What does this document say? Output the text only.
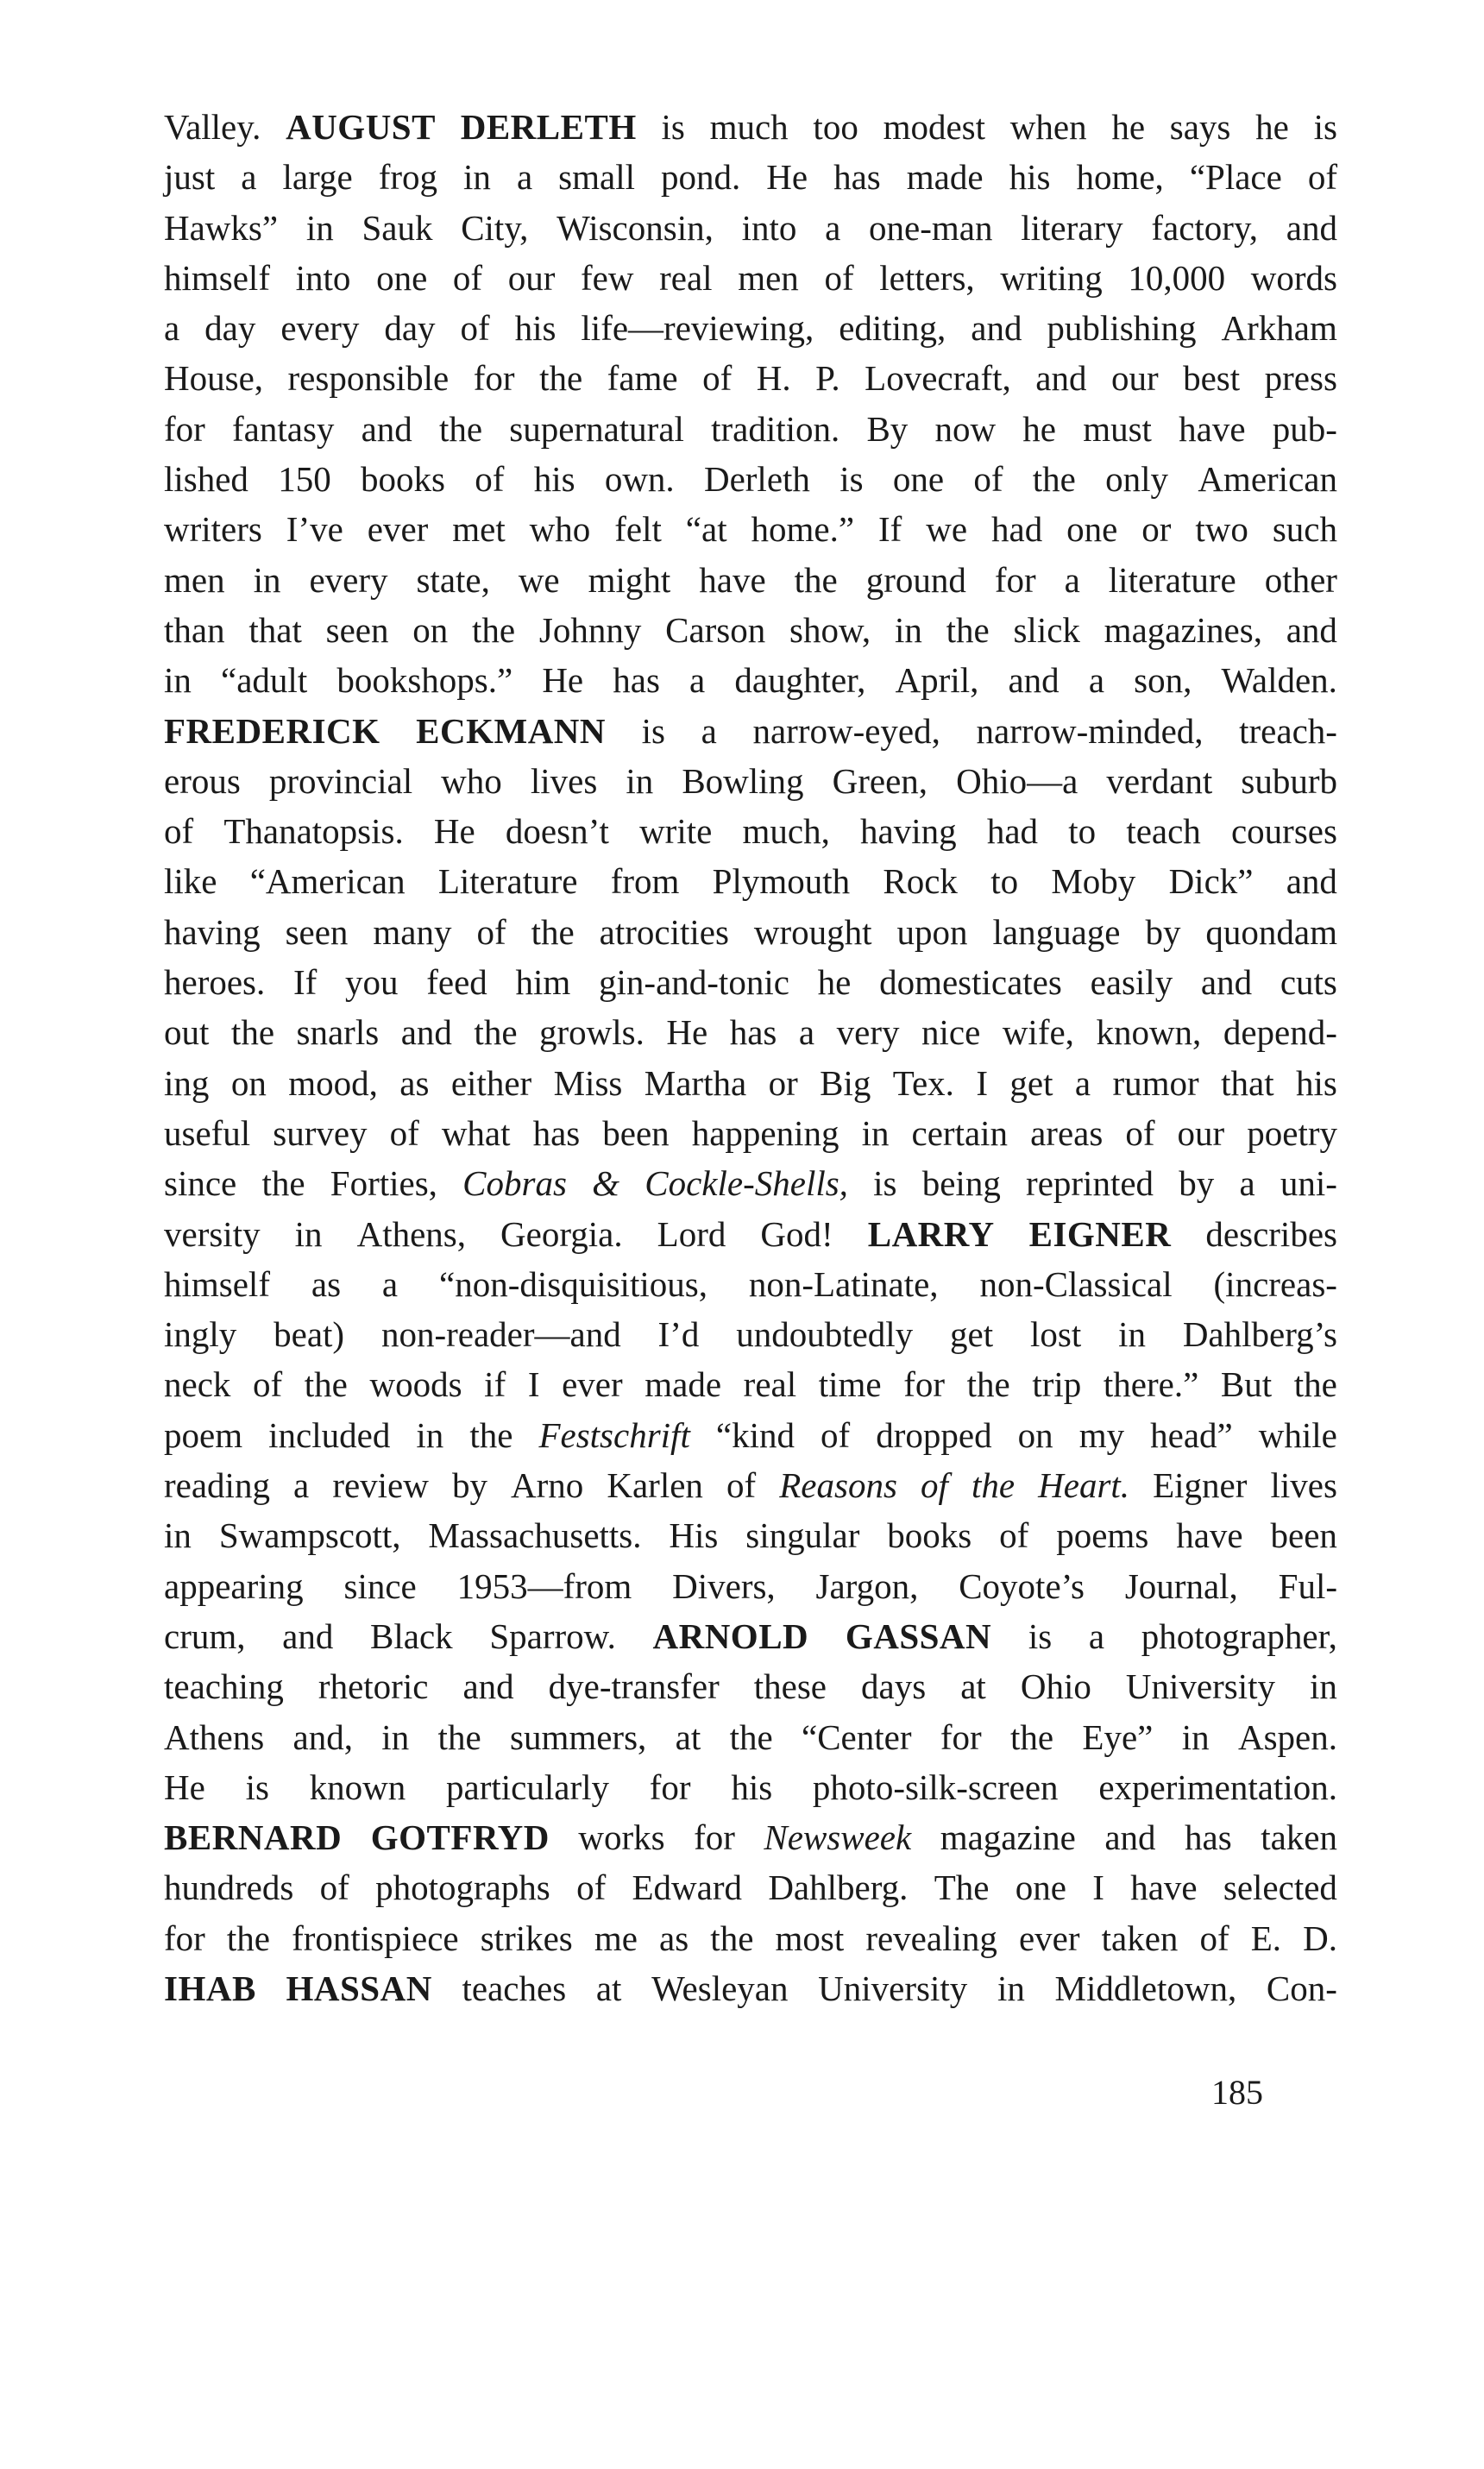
Valley. AUGUST DERLETH is much too modest when he says he is
just a large frog in a small pond. He has made his home, “Place of
Hawks” in Sauk City, Wisconsin, into a one-man literary factory, and
himself into one of our few real men of letters, writing 10,000 words
a day every day of his life—reviewing, editing, and publishing Arkham
House, responsible for the fame of H. P. Lovecraft, and our best press
for fantasy and the supernatural tradition. By now he must have pub-
lished 150 books of his own. Derleth is one of the only American
writers I’ve ever met who felt “at home.” If we had one or two such
men in every state, we might have the ground for a literature other
than that seen on the Johnny Carson show, in the slick magazines, and
in “adult bookshops.” He has a daughter, April, and a son, Walden.
FREDERICK ECKMANN is a narrow-eyed, narrow-minded, treach-
erous provincial who lives in Bowling Green, Ohio—a verdant suburb
of Thanatopsis. He doesn’t write much, having had to teach courses
like “American Literature from Plymouth Rock to Moby Dick” and
having seen many of the atrocities wrought upon language by quondam
heroes. If you feed him gin-and-tonic he domesticates easily and cuts
out the snarls and the growls. He has a very nice wife, known, depend-
ing on mood, as either Miss Martha or Big Tex. I get a rumor that his
useful survey of what has been happening in certain areas of our poetry
since the Forties, Cobras & Cockle-Shells, is being reprinted by a uni-
versity in Athens, Georgia. Lord God! LARRY EIGNER describes
himself as a “non-disquisitious, non-Latinate, non-Classical (increas-
ingly beat) non-reader—and I’d undoubtedly get lost in Dahlberg’s
neck of the woods if I ever made real time for the trip there.” But the
poem included in the Festschrift “kind of dropped on my head” while
reading a review by Arno Karlen of Reasons of the Heart. Eigner lives
in Swampscott, Massachusetts. His singular books of poems have been
appearing since 1953—from Divers, Jargon, Coyote’s Journal, Ful-
crum, and Black Sparrow. ARNOLD GASSAN is a photographer,
teaching rhetoric and dye-transfer these days at Ohio University in
Athens and, in the summers, at the “Center for the Eye” in Aspen.
He is known particularly for his photo-silk-screen experimentation.
BERNARD GOTFRYD works for Newsweek magazine and has taken
hundreds of photographs of Edward Dahlberg. The one I have selected
for the frontispiece strikes me as the most revealing ever taken of E. D.
IHAB HASSAN teaches at Wesleyan University in Middletown, Con-
185
